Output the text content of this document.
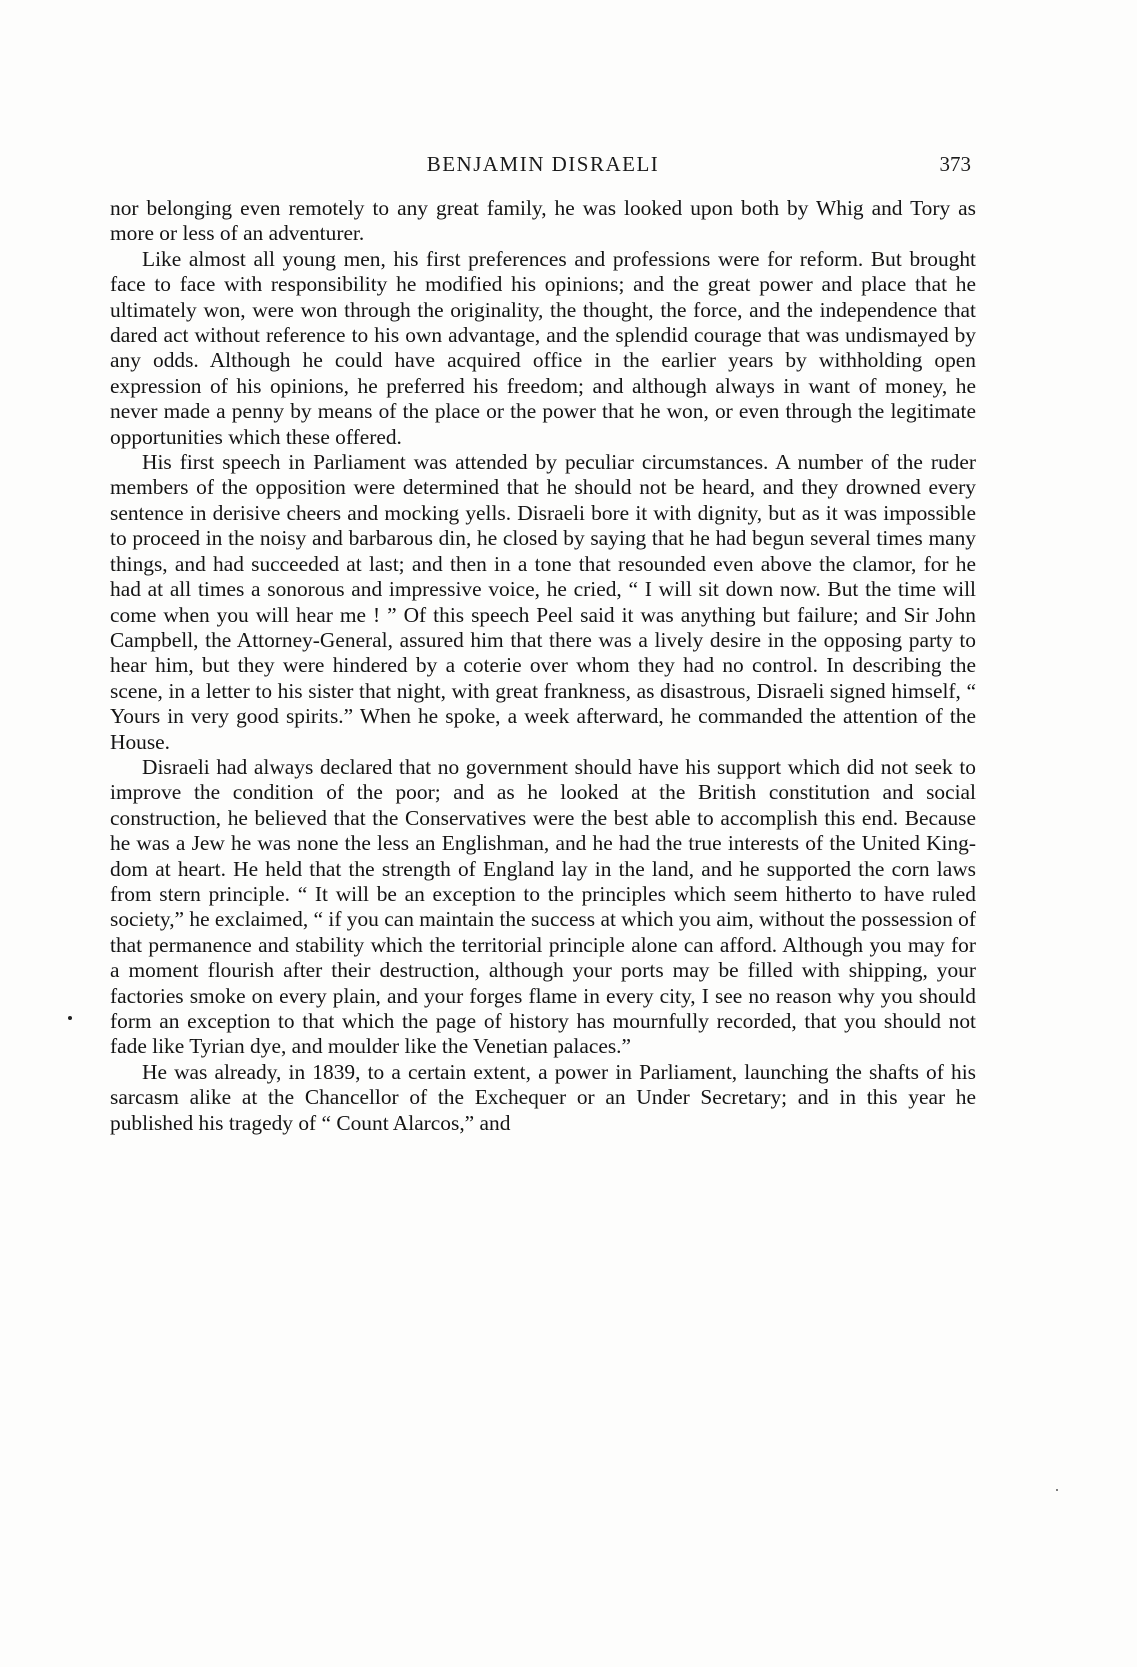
BENJAMIN DISRAELI	373

nor belonging even remotely to any great family, he was looked upon both by Whig and Tory as more or less of an adventurer.

Like almost all young men, his first preferences and professions were for reform. But brought face to face with responsibility he modified his opinions; and the great power and place that he ultimately won, were won through the originality, the thought, the force, and the independence that dared act without reference to his own advantage, and the splendid courage that was undismayed by any odds. Although he could have acquired office in the earlier years by withholding open expression of his opinions, he preferred his freedom; and although always in want of money, he never made a penny by means of the place or the power that he won, or even through the legitimate opportunities which these offered.

His first speech in Parliament was attended by peculiar circumstances. A number of the ruder members of the opposition were determined that he should not be heard, and they drowned every sentence in derisive cheers and mocking yells. Disraeli bore it with dignity, but as it was impossible to proceed in the noisy and barbarous din, he closed by saying that he had begun several times many things, and had succeeded at last; and then in a tone that resounded even above the clamor, for he had at all times a sonorous and impressive voice, he cried, “ I will sit down now. But the time will come when you will hear me ! ” Of this speech Peel said it was anything but failure; and Sir John Campbell, the Attorney-General, assured him that there was a lively desire in the opposing party to hear him, but they were hindered by a coterie over whom they had no control. In describing the scene, in a letter to his sister that night, with great frankness, as disastrous, Disraeli signed himself, “ Yours in very good spirits.” When he spoke, a week afterward, he commanded the attention of the House.

Disraeli had always declared that no government should have his support which did not seek to improve the condition of the poor; and as he looked at the British constitution and social construction, he believed that the Conservatives were the best able to accomplish this end. Because he was a Jew he was none the less an Englishman, and he had the true interests of the United Kingdom at heart. He held that the strength of England lay in the land, and he supported the corn laws from stern principle. “ It will be an exception to the principles which seem hitherto to have ruled society,” he exclaimed, “ if you can maintain the success at which you aim, without the possession of that permanence and stability which the territorial principle alone can afford. Although you may for a moment flourish after their destruction, although your ports may be filled with shipping, your factories smoke on every plain, and your forges flame in every city, I see no reason why you should form an exception to that which the page of history has mournfully recorded, that you should not fade like Tyrian dye, and moulder like the Venetian palaces.”

He was already, in 1839, to a certain extent, a power in Parliament, launching the shafts of his sarcasm alike at the Chancellor of the Exchequer or an Under Secretary; and in this year he published his tragedy of “ Count Alarcos,” and
